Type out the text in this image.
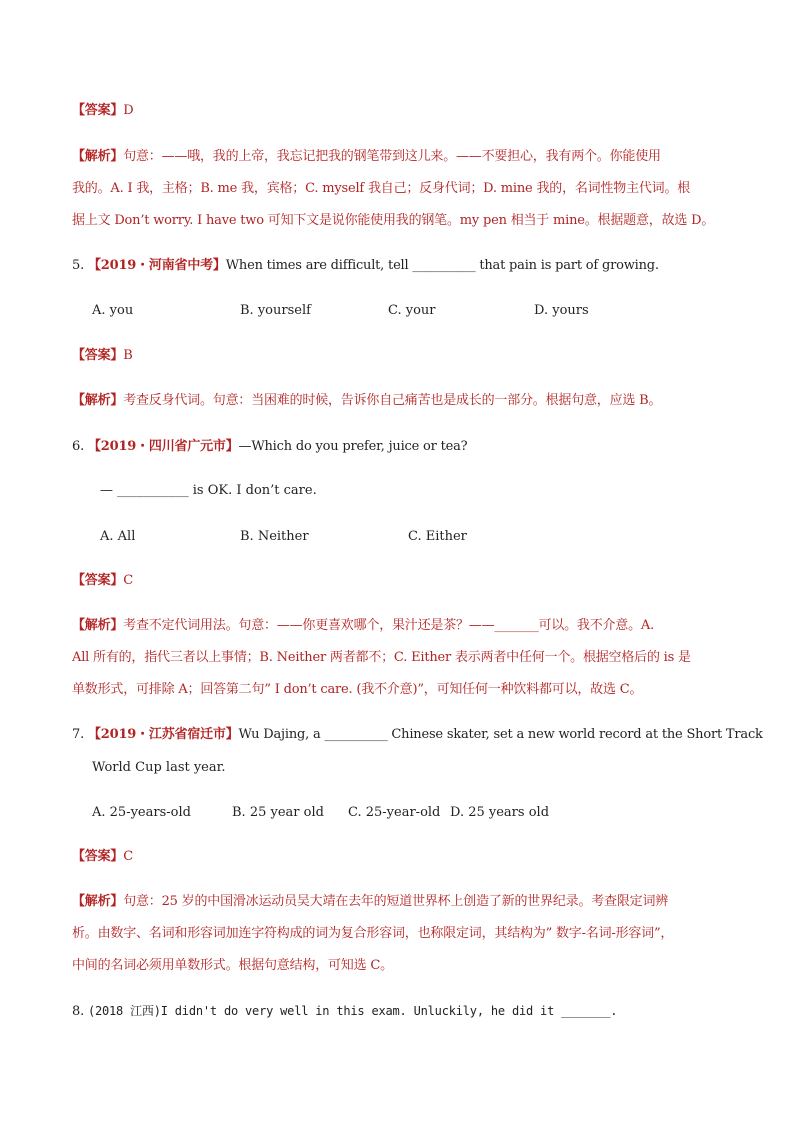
【答案】D
【解析】句意：——哦，我的上帝，我忘记把我的钢笔带到这儿来。——不要担心，我有两个。你能使用
我的。A. I 我，主格；B. me 我，宾格；C. myself 我自己；反身代词；D. mine 我的，名词性物主代词。根
据上文 Don’t worry. I have two 可知下文是说你能使用我的钢笔。my pen 相当于 mine。根据题意，故选 D。
5. 【2019・河南省中考】When times are difficult, tell __________ that pain is part of growing.
A. you	B. yourself	C. your	D. yours
【答案】B
【解析】考查反身代词。句意：当困难的时候，告诉你自己痛苦也是成长的一部分。根据句意，应选 B。
6. 【2019・四川省广元市】—Which do you prefer, juice or tea?
— ___________ is OK. I don’t care.
A. All	B. Neither	C. Either
【答案】C
【解析】考查不定代词用法。句意：——你更喜欢哪个，果汁还是茶？——_______可以。我不介意。A.
All 所有的，指代三者以上事情；B. Neither 两者都不；C. Either 表示两者中任何一个。根据空格后的 is 是
单数形式，可排除 A；回答第二句” I don’t care. (我不介意)”，可知任何一种饮料都可以，故选 C。
7. 【2019・江苏省宿迁市】Wu Dajing, a __________ Chinese skater, set a new world record at the Short Track
World Cup last year.
A. 25-years-old	B. 25 year old C. 25-year-old D. 25 years old
【答案】C
【解析】句意：25 岁的中国滑冰运动员吴大靖在去年的短道世界杯上创造了新的世界纪录。考查限定词辨
析。由数字、名词和形容词加连字符构成的词为复合形容词，也称限定词，其结构为” 数字-名词-形容词”，
中间的名词必须用单数形式。根据句意结构，可知选 C。
8. (2018 江西)I didn't do very well in this exam. Unluckily, he did it _______.
